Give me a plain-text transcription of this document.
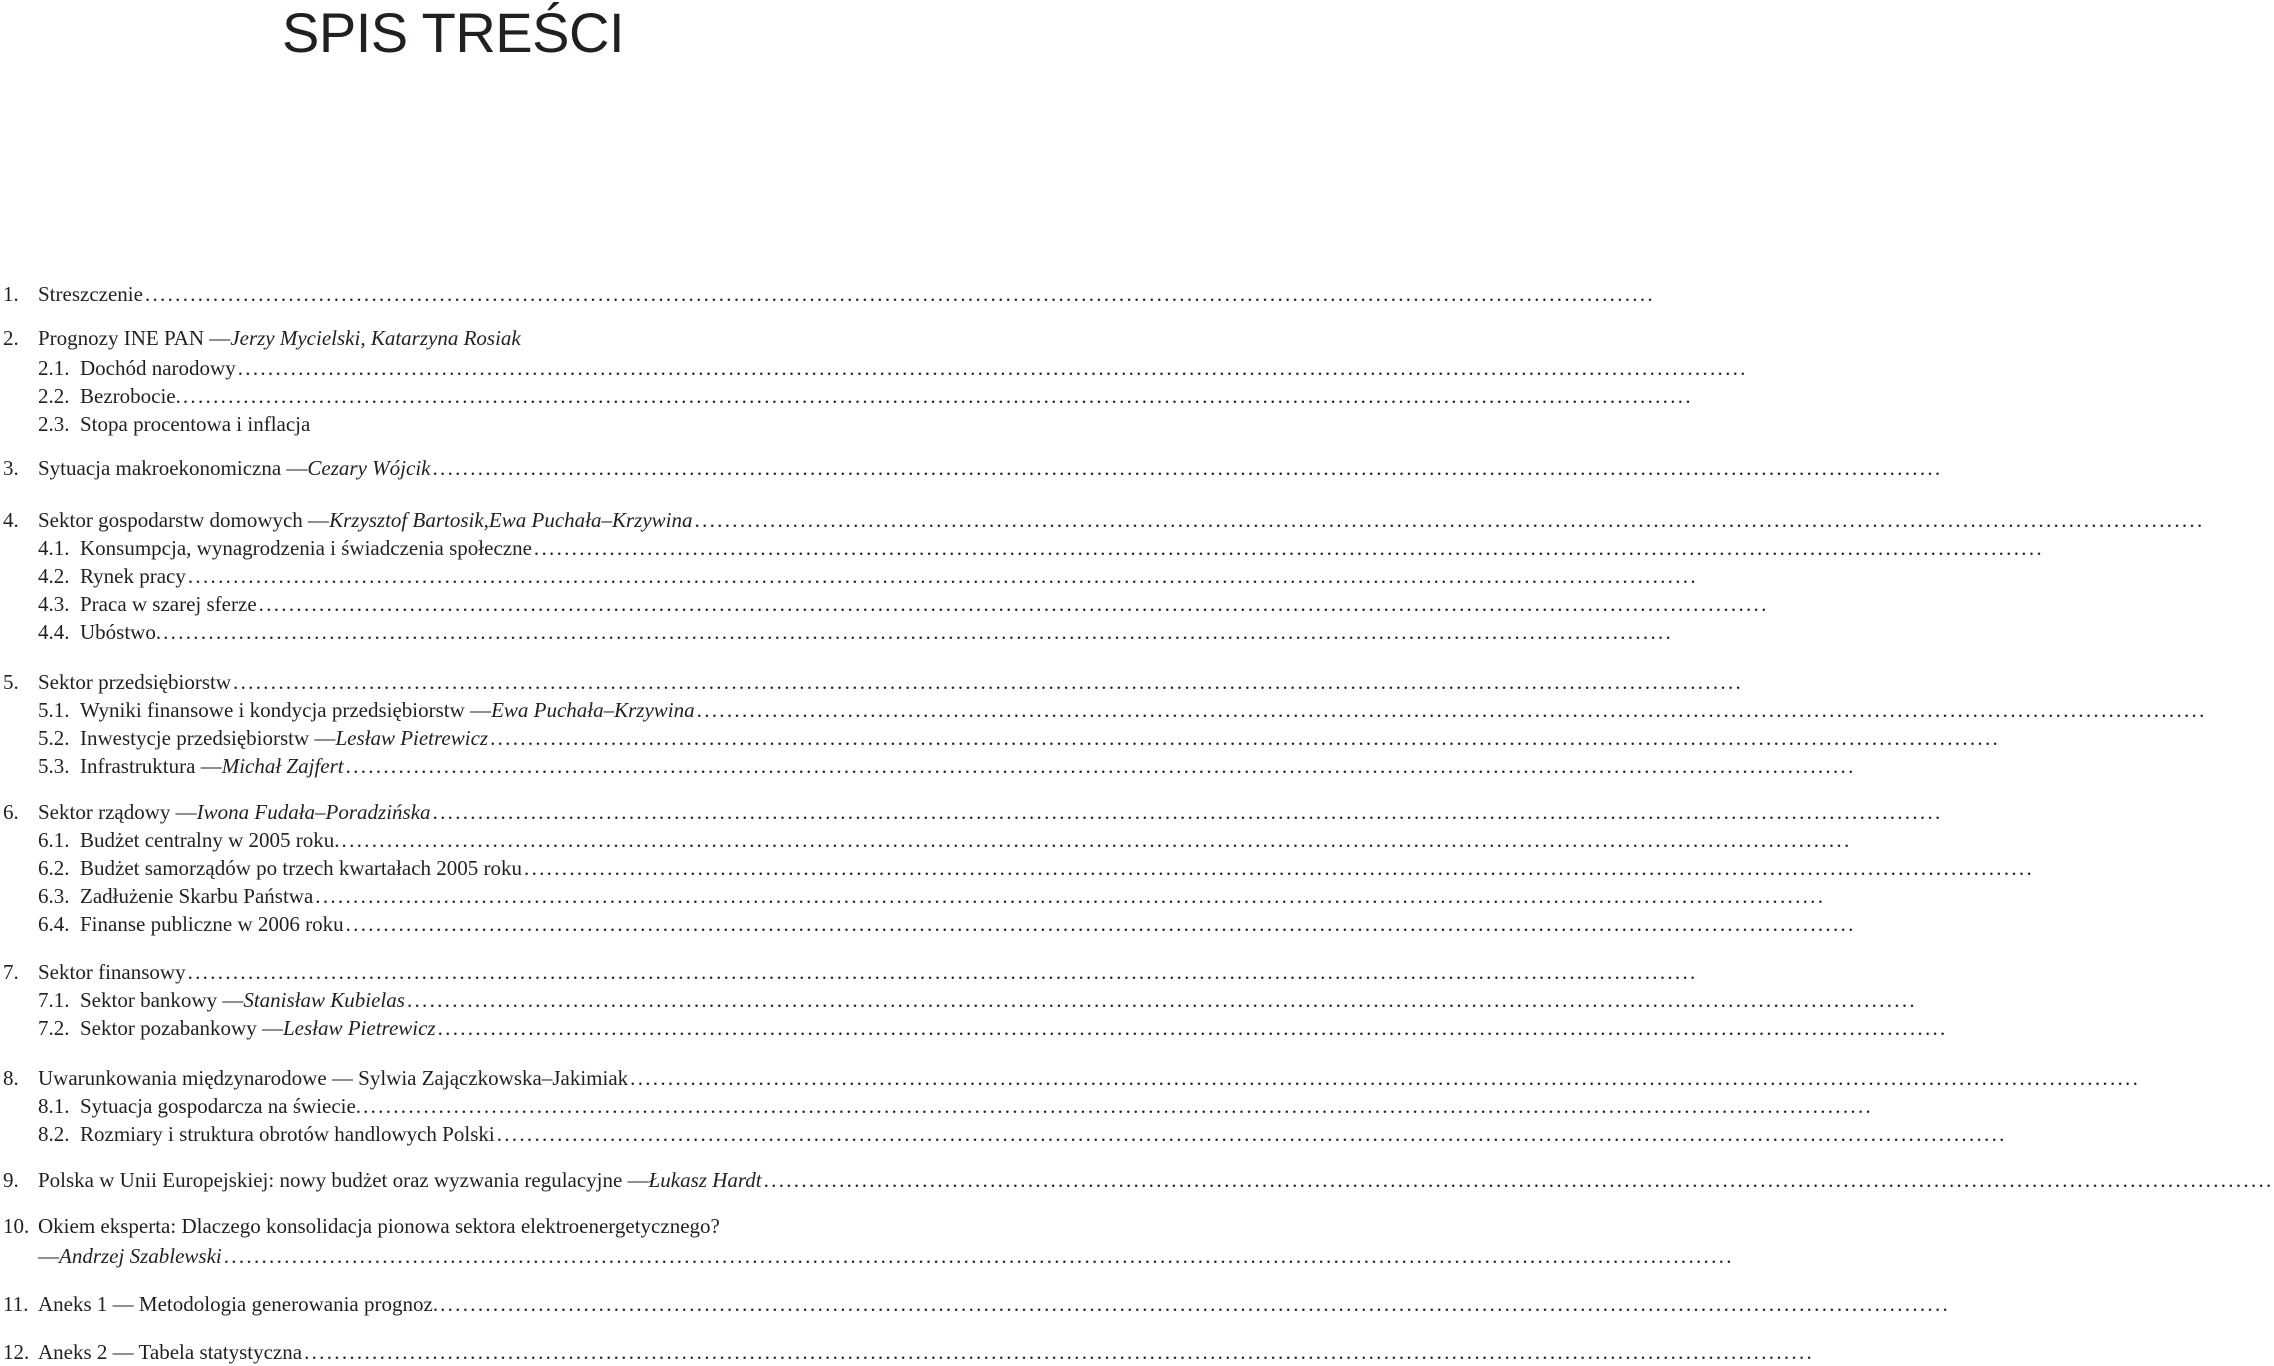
SPIS TREŚCI
1. Streszczenie ........................................................................................................................................................................................................
2. Prognozy INE PAN — Jerzy Mycielski, Katarzyna Rosiak
2.1. Dochód narodowy ........................................................................................................................................................................................................
2.2. Bezrobocie. ........................................................................................................................................................................................................
2.3. Stopa procentowa i inflacja
3. Sytuacja makroekonomiczna — Cezary Wójcik ........................................................................................................................................................................................................
4. Sektor gospodarstw domowych — Krzysztof Bartosik , Ewa Puchała–Krzywina ........................................................................................................................................................................................................
4.1. Konsumpcja, wynagrodzenia i świadczenia społeczne ........................................................................................................................................................................................................
4.2. Rynek pracy ........................................................................................................................................................................................................
4.3. Praca w szarej sferze ........................................................................................................................................................................................................
4.4. Ubóstwo. ........................................................................................................................................................................................................
5. Sektor przedsiębiorstw ........................................................................................................................................................................................................
5.1. Wyniki finansowe i kondycja przedsiębiorstw — Ewa Puchała–Krzywina ........................................................................................................................................................................................................
5.2. Inwestycje przedsiębiorstw — Lesław Pietrewicz ........................................................................................................................................................................................................
5.3. Infrastruktura — Michał Zajfert ........................................................................................................................................................................................................
6. Sektor rządowy — Iwona Fudała–Poradzińska ........................................................................................................................................................................................................
6.1. Budżet centralny w 2005 roku. ........................................................................................................................................................................................................
6.2. Budżet samorządów po trzech kwartałach 2005 roku ........................................................................................................................................................................................................
6.3. Zadłużenie Skarbu Państwa ........................................................................................................................................................................................................
6.4. Finanse publiczne w 2006 roku ........................................................................................................................................................................................................
7. Sektor finansowy ........................................................................................................................................................................................................
7.1. Sektor bankowy — Stanisław Kubielas ........................................................................................................................................................................................................
7.2. Sektor pozabankowy — Lesław Pietrewicz ........................................................................................................................................................................................................
8. Uwarunkowania międzynarodowe — Sylwia Zajączkowska–Jakimiak ........................................................................................................................................................................................................
8.1. Sytuacja gospodarcza na świecie. ........................................................................................................................................................................................................
8.2. Rozmiary i struktura obrotów handlowych Polski ........................................................................................................................................................................................................
9. Polska w Unii Europejskiej: nowy budżet oraz wyzwania regulacyjne — Łukasz Hardt ........................................................................................................................................................................................................
10. Okiem eksperta: Dlaczego konsolidacja pionowa sektora elektroenergetycznego?
— Andrzej Szablewski ........................................................................................................................................................................................................
11. Aneks 1 — Metodologia generowania prognoz. ........................................................................................................................................................................................................
12. Aneks 2 — Tabela statystyczna ........................................................................................................................................................................................................
